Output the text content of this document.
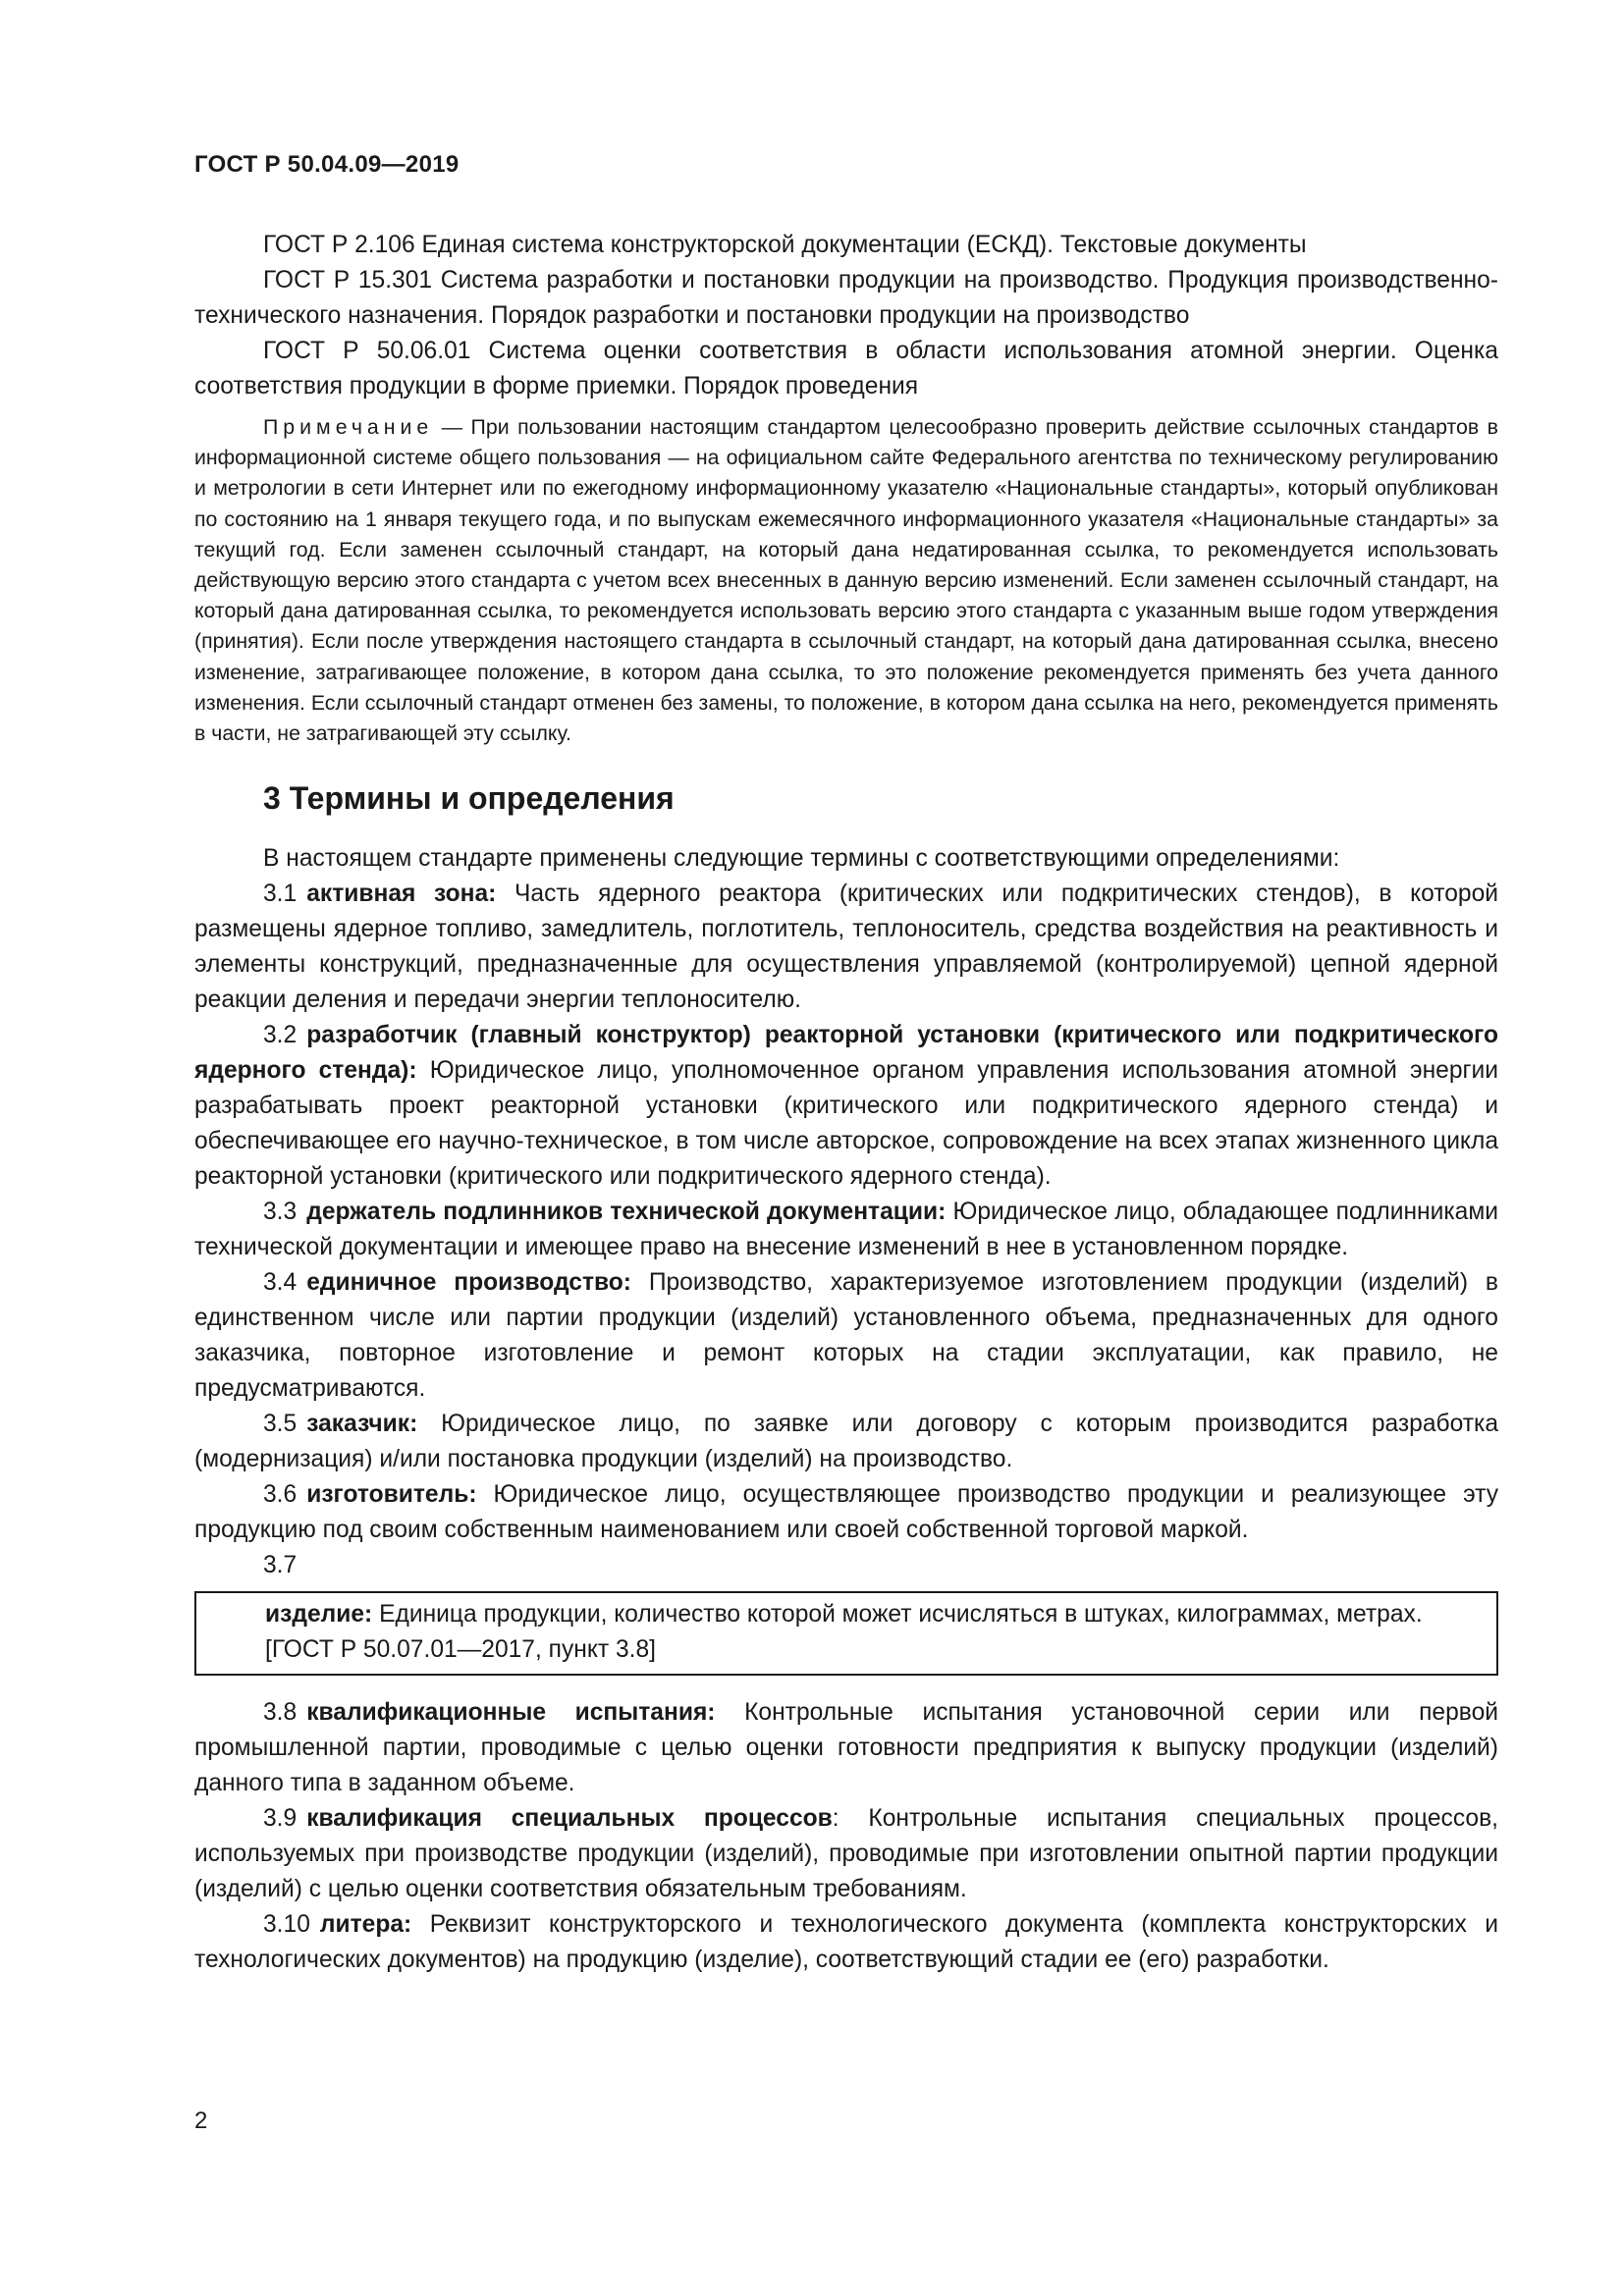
ГОСТ Р 50.04.09—2019

ГОСТ Р 2.106 Единая система конструкторской документации (ЕСКД). Текстовые документы

ГОСТ Р 15.301 Система разработки и постановки продукции на производство. Продукция производственно-технического назначения. Порядок разработки и постановки продукции на производство

ГОСТ Р 50.06.01 Система оценки соответствия в области использования атомной энергии. Оценка соответствия продукции в форме приемки. Порядок проведения

Примечание — При пользовании настоящим стандартом целесообразно проверить действие ссылочных стандартов в информационной системе общего пользования — на официальном сайте Федерального агентства по техническому регулированию и метрологии в сети Интернет или по ежегодному информационному указателю «Национальные стандарты», который опубликован по состоянию на 1 января текущего года, и по выпускам ежемесячного информационного указателя «Национальные стандарты» за текущий год. Если заменен ссылочный стандарт, на который дана недатированная ссылка, то рекомендуется использовать действующую версию этого стандарта с учетом всех внесенных в данную версию изменений. Если заменен ссылочный стандарт, на который дана датированная ссылка, то рекомендуется использовать версию этого стандарта с указанным выше годом утверждения (принятия). Если после утверждения настоящего стандарта в ссылочный стандарт, на который дана датированная ссылка, внесено изменение, затрагивающее положение, в котором дана ссылка, то это положение рекомендуется применять без учета данного изменения. Если ссылочный стандарт отменен без замены, то положение, в котором дана ссылка на него, рекомендуется применять в части, не затрагивающей эту ссылку.

3 Термины и определения

В настоящем стандарте применены следующие термины с соответствующими определениями:

3.1 активная зона: Часть ядерного реактора (критических или подкритических стендов), в которой размещены ядерное топливо, замедлитель, поглотитель, теплоноситель, средства воздействия на реактивность и элементы конструкций, предназначенные для осуществления управляемой (контролируемой) цепной ядерной реакции деления и передачи энергии теплоносителю.

3.2 разработчик (главный конструктор) реакторной установки (критического или подкритического ядерного стенда): Юридическое лицо, уполномоченное органом управления использования атомной энергии разрабатывать проект реакторной установки (критического или подкритического ядерного стенда) и обеспечивающее его научно-техническое, в том числе авторское, сопровождение на всех этапах жизненного цикла реакторной установки (критического или подкритического ядерного стенда).

3.3 держатель подлинников технической документации: Юридическое лицо, обладающее подлинниками технической документации и имеющее право на внесение изменений в нее в установленном порядке.

3.4 единичное производство: Производство, характеризуемое изготовлением продукции (изделий) в единственном числе или партии продукции (изделий) установленного объема, предназначенных для одного заказчика, повторное изготовление и ремонт которых на стадии эксплуатации, как правило, не предусматриваются.

3.5 заказчик: Юридическое лицо, по заявке или договору с которым производится разработка (модернизация) и/или постановка продукции (изделий) на производство.

3.6 изготовитель: Юридическое лицо, осуществляющее производство продукции и реализующее эту продукцию под своим собственным наименованием или своей собственной торговой маркой.

3.7

изделие: Единица продукции, количество которой может исчисляться в штуках, килограммах, метрах.

[ГОСТ Р 50.07.01—2017, пункт 3.8]

3.8 квалификационные испытания: Контрольные испытания установочной серии или первой промышленной партии, проводимые с целью оценки готовности предприятия к выпуску продукции (изделий) данного типа в заданном объеме.

3.9 квалификация специальных процессов: Контрольные испытания специальных процессов, используемых при производстве продукции (изделий), проводимые при изготовлении опытной партии продукции (изделий) с целью оценки соответствия обязательным требованиям.

3.10 литера: Реквизит конструкторского и технологического документа (комплекта конструкторских и технологических документов) на продукцию (изделие), соответствующий стадии ее (его) разработки.

2
